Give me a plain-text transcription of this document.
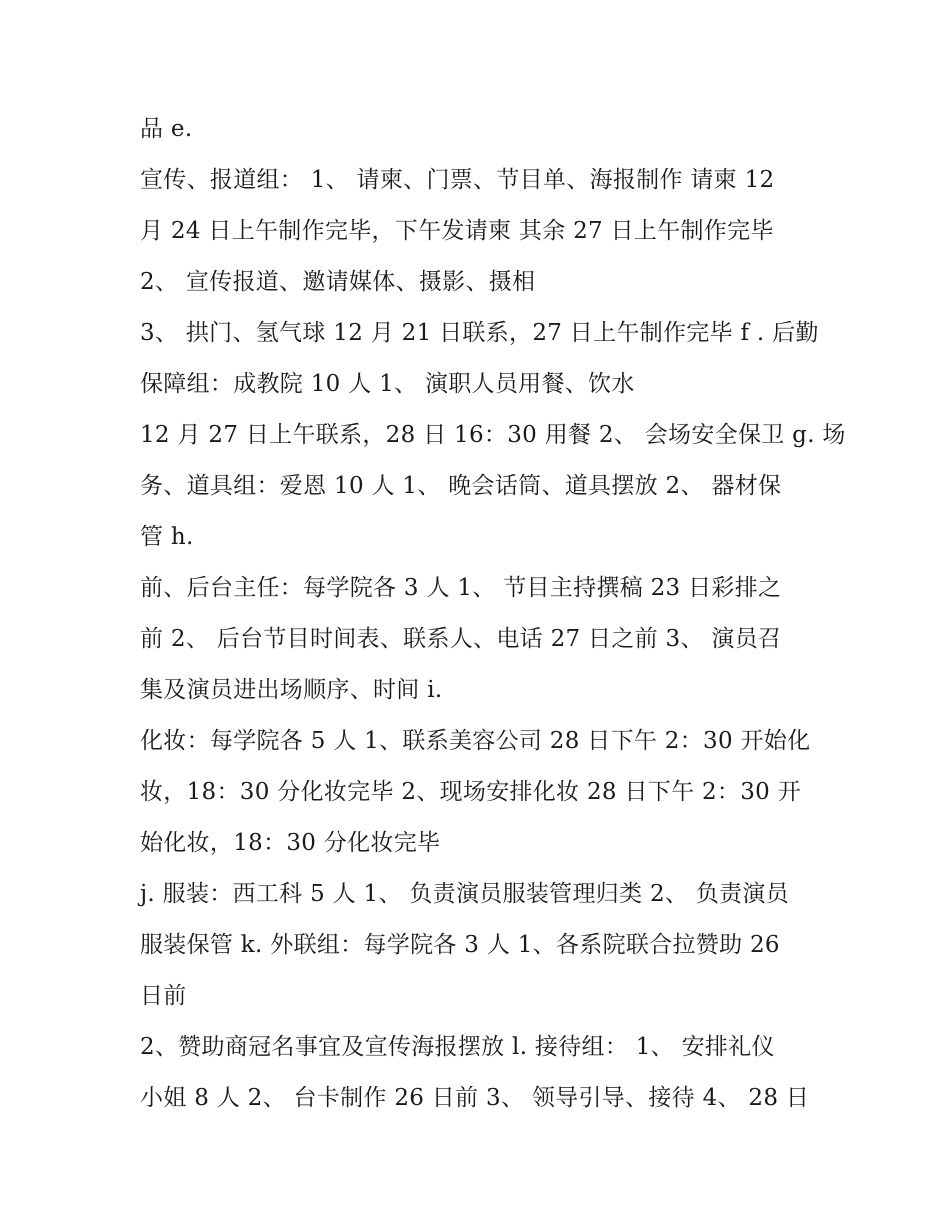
品 e.
宣传、报道组： 1、 请柬、门票、节目单、海报制作 请柬 12
月 24 日上午制作完毕，下午发请柬 其余 27 日上午制作完毕
2、 宣传报道、邀请媒体、摄影、摄相
3、 拱门、氢气球 12 月 21 日联系，27 日上午制作完毕 f . 后勤
保障组：成教院 10 人 1、 演职人员用餐、饮水
12 月 27 日上午联系，28 日 16：30 用餐 2、 会场安全保卫 g. 场
务、道具组：爱恩 10 人 1、 晚会话筒、道具摆放 2、 器材保
管 h.
前、后台主任：每学院各 3 人 1、 节目主持撰稿 23 日彩排之
前 2、 后台节目时间表、联系人、电话 27 日之前 3、 演员召
集及演员进出场顺序、时间 i.
化妆：每学院各 5 人 1、联系美容公司 28 日下午 2：30 开始化
妆，18：30 分化妆完毕 2、现场安排化妆 28 日下午 2：30 开
始化妆，18：30 分化妆完毕
j. 服装：西工科 5 人 1、 负责演员服装管理归类 2、 负责演员
服装保管 k. 外联组：每学院各 3 人 1、各系院联合拉赞助 26
日前
2、赞助商冠名事宜及宣传海报摆放 l. 接待组： 1、 安排礼仪
小姐 8 人 2、 台卡制作 26 日前 3、 领导引导、接待 4、 28 日
